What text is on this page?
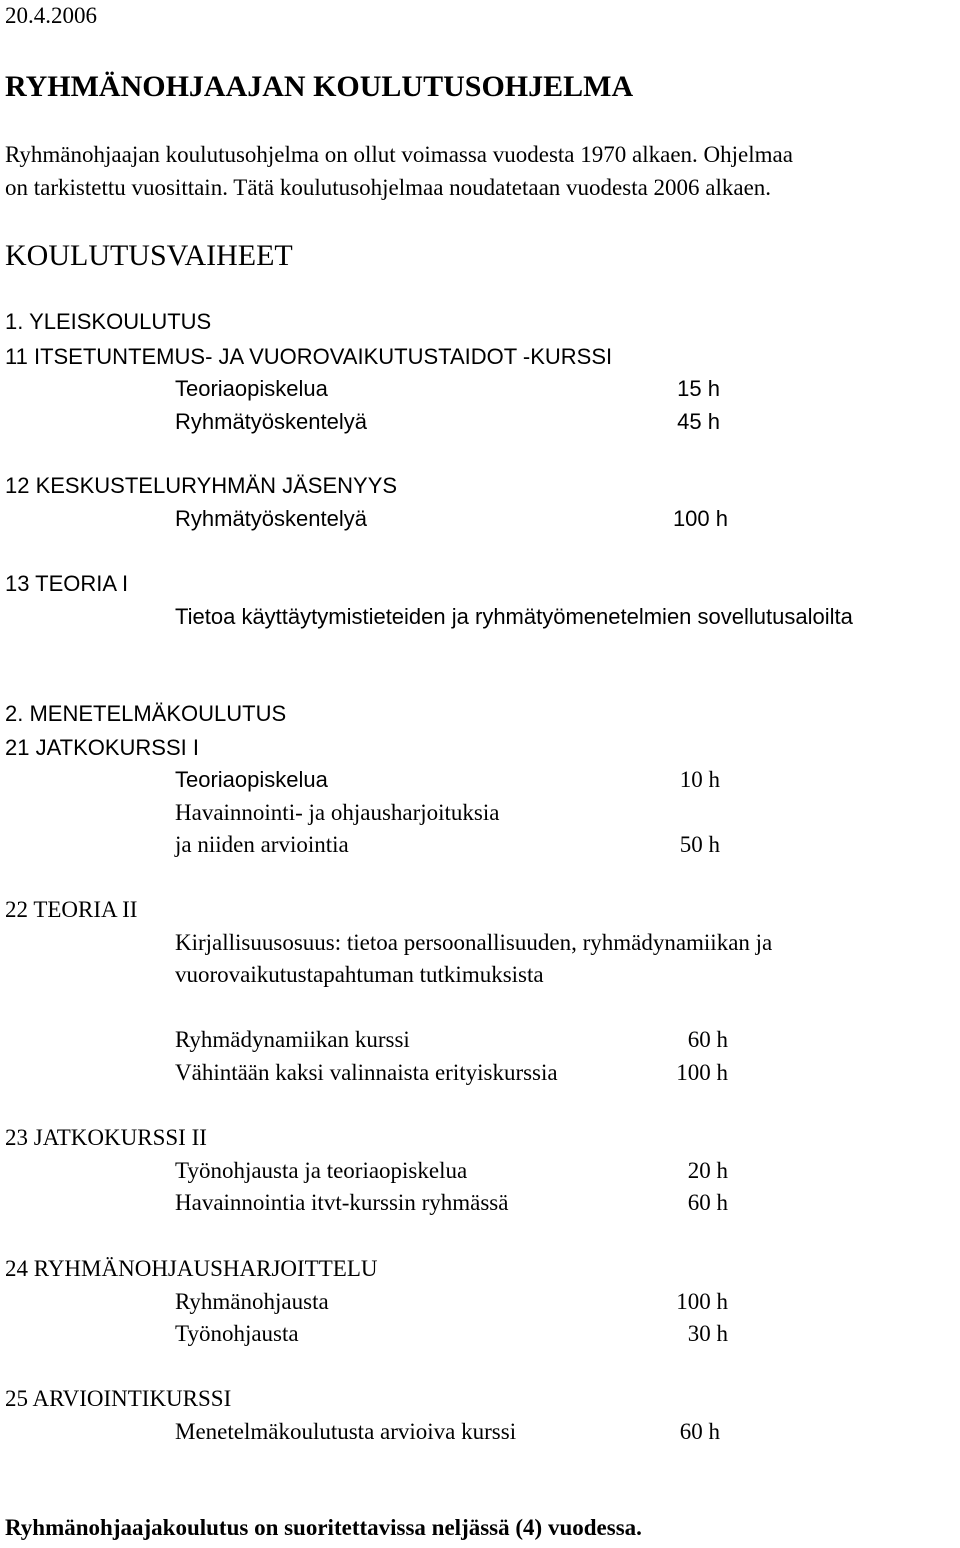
20.4.2006
RYHMÄNOHJAAJAN KOULUTUSOHJELMA
Ryhmänohjaajan koulutusohjelma on ollut voimassa vuodesta 1970 alkaen. Ohjelmaa
on tarkistettu vuosittain. Tätä koulutusohjelmaa noudatetaan vuodesta 2006 alkaen.
KOULUTUSVAIHEET
1. YLEISKOULUTUS
11 ITSETUNTEMUS- JA VUOROVAIKUTUSTAIDOT -KURSSI
Teoriaopiskelua	15 h
Ryhmätyöskentelyä	45 h
12 KESKUSTELURYHMÄN JÄSENYYS
Ryhmätyöskentelyä	100 h
13 TEORIA I
Tietoa käyttäytymistieteiden ja ryhmätyömenetelmien sovellutusaloilta
2. MENETELMÄKOULUTUS
21 JATKOKURSSI I
Teoriaopiskelua	10 h
Havainnointi- ja ohjausharjoituksia
ja niiden arviointia	50 h
22 TEORIA II
Kirjallisuusosuus: tietoa persoonallisuuden, ryhmädynamiikan ja
vuorovaikutustapahtuman tutkimuksista
Ryhmädynamiikan kurssi	60 h
Vähintään kaksi valinnaista erityiskurssia	100 h
23 JATKOKURSSI II
Työnohjausta ja teoriaopiskelua	20 h
Havainnointia itvt-kurssin ryhmässä	60 h
24 RYHMÄNOHJAUSHARJOITTELU
Ryhmänohjausta	100 h
Työnohjausta	30 h
25 ARVIOINTIKURSSI
Menetelmäkoulutusta arvioiva kurssi	60 h
Ryhmänohjaajakoulutus on suoritettavissa neljässä (4) vuodessa.
